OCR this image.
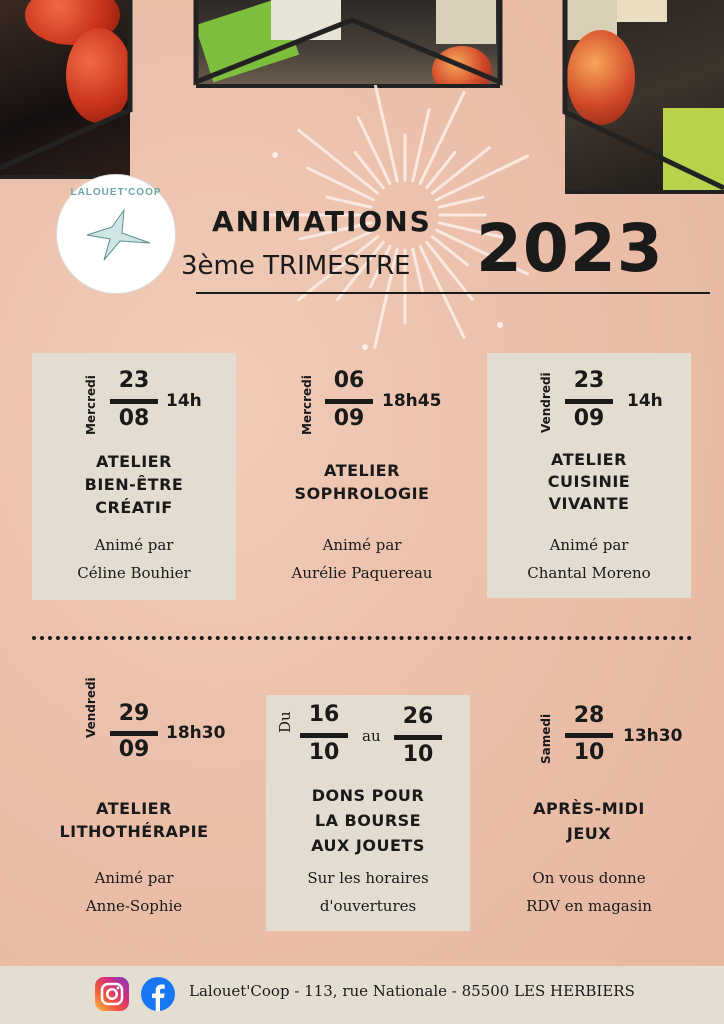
LALOUET'COOP
ANIMATIONS
3ème TRIMESTRE 2023
Mercredi 23
08
14h
ATELIER
BIEN-ÊTRE
CRÉATIF
Animé par
Céline Bouhier
Mercredi 06
09
18h45
ATELIER
SOPHROLOGIE
Animé par
Aurélie Paquereau
Vendredi 23
09
14h
ATELIER
CUISINIE
VIVANTE
Animé par
Chantal Moreno
Vendredi 29
09
18h30
ATELIER
LITHOTHÉRAPIE
Animé par
Anne-Sophie
Du 16
10
au
26
10
DONS POUR
LA BOURSE
AUX JOUETS
Sur les horaires
d'ouvertures
Samedi 28
10
13h30
APRÈS-MIDI
JEUX
On vous donne
RDV en magasin
Lalouet'Coop - 113, rue Nationale - 85500 LES HERBIERS
